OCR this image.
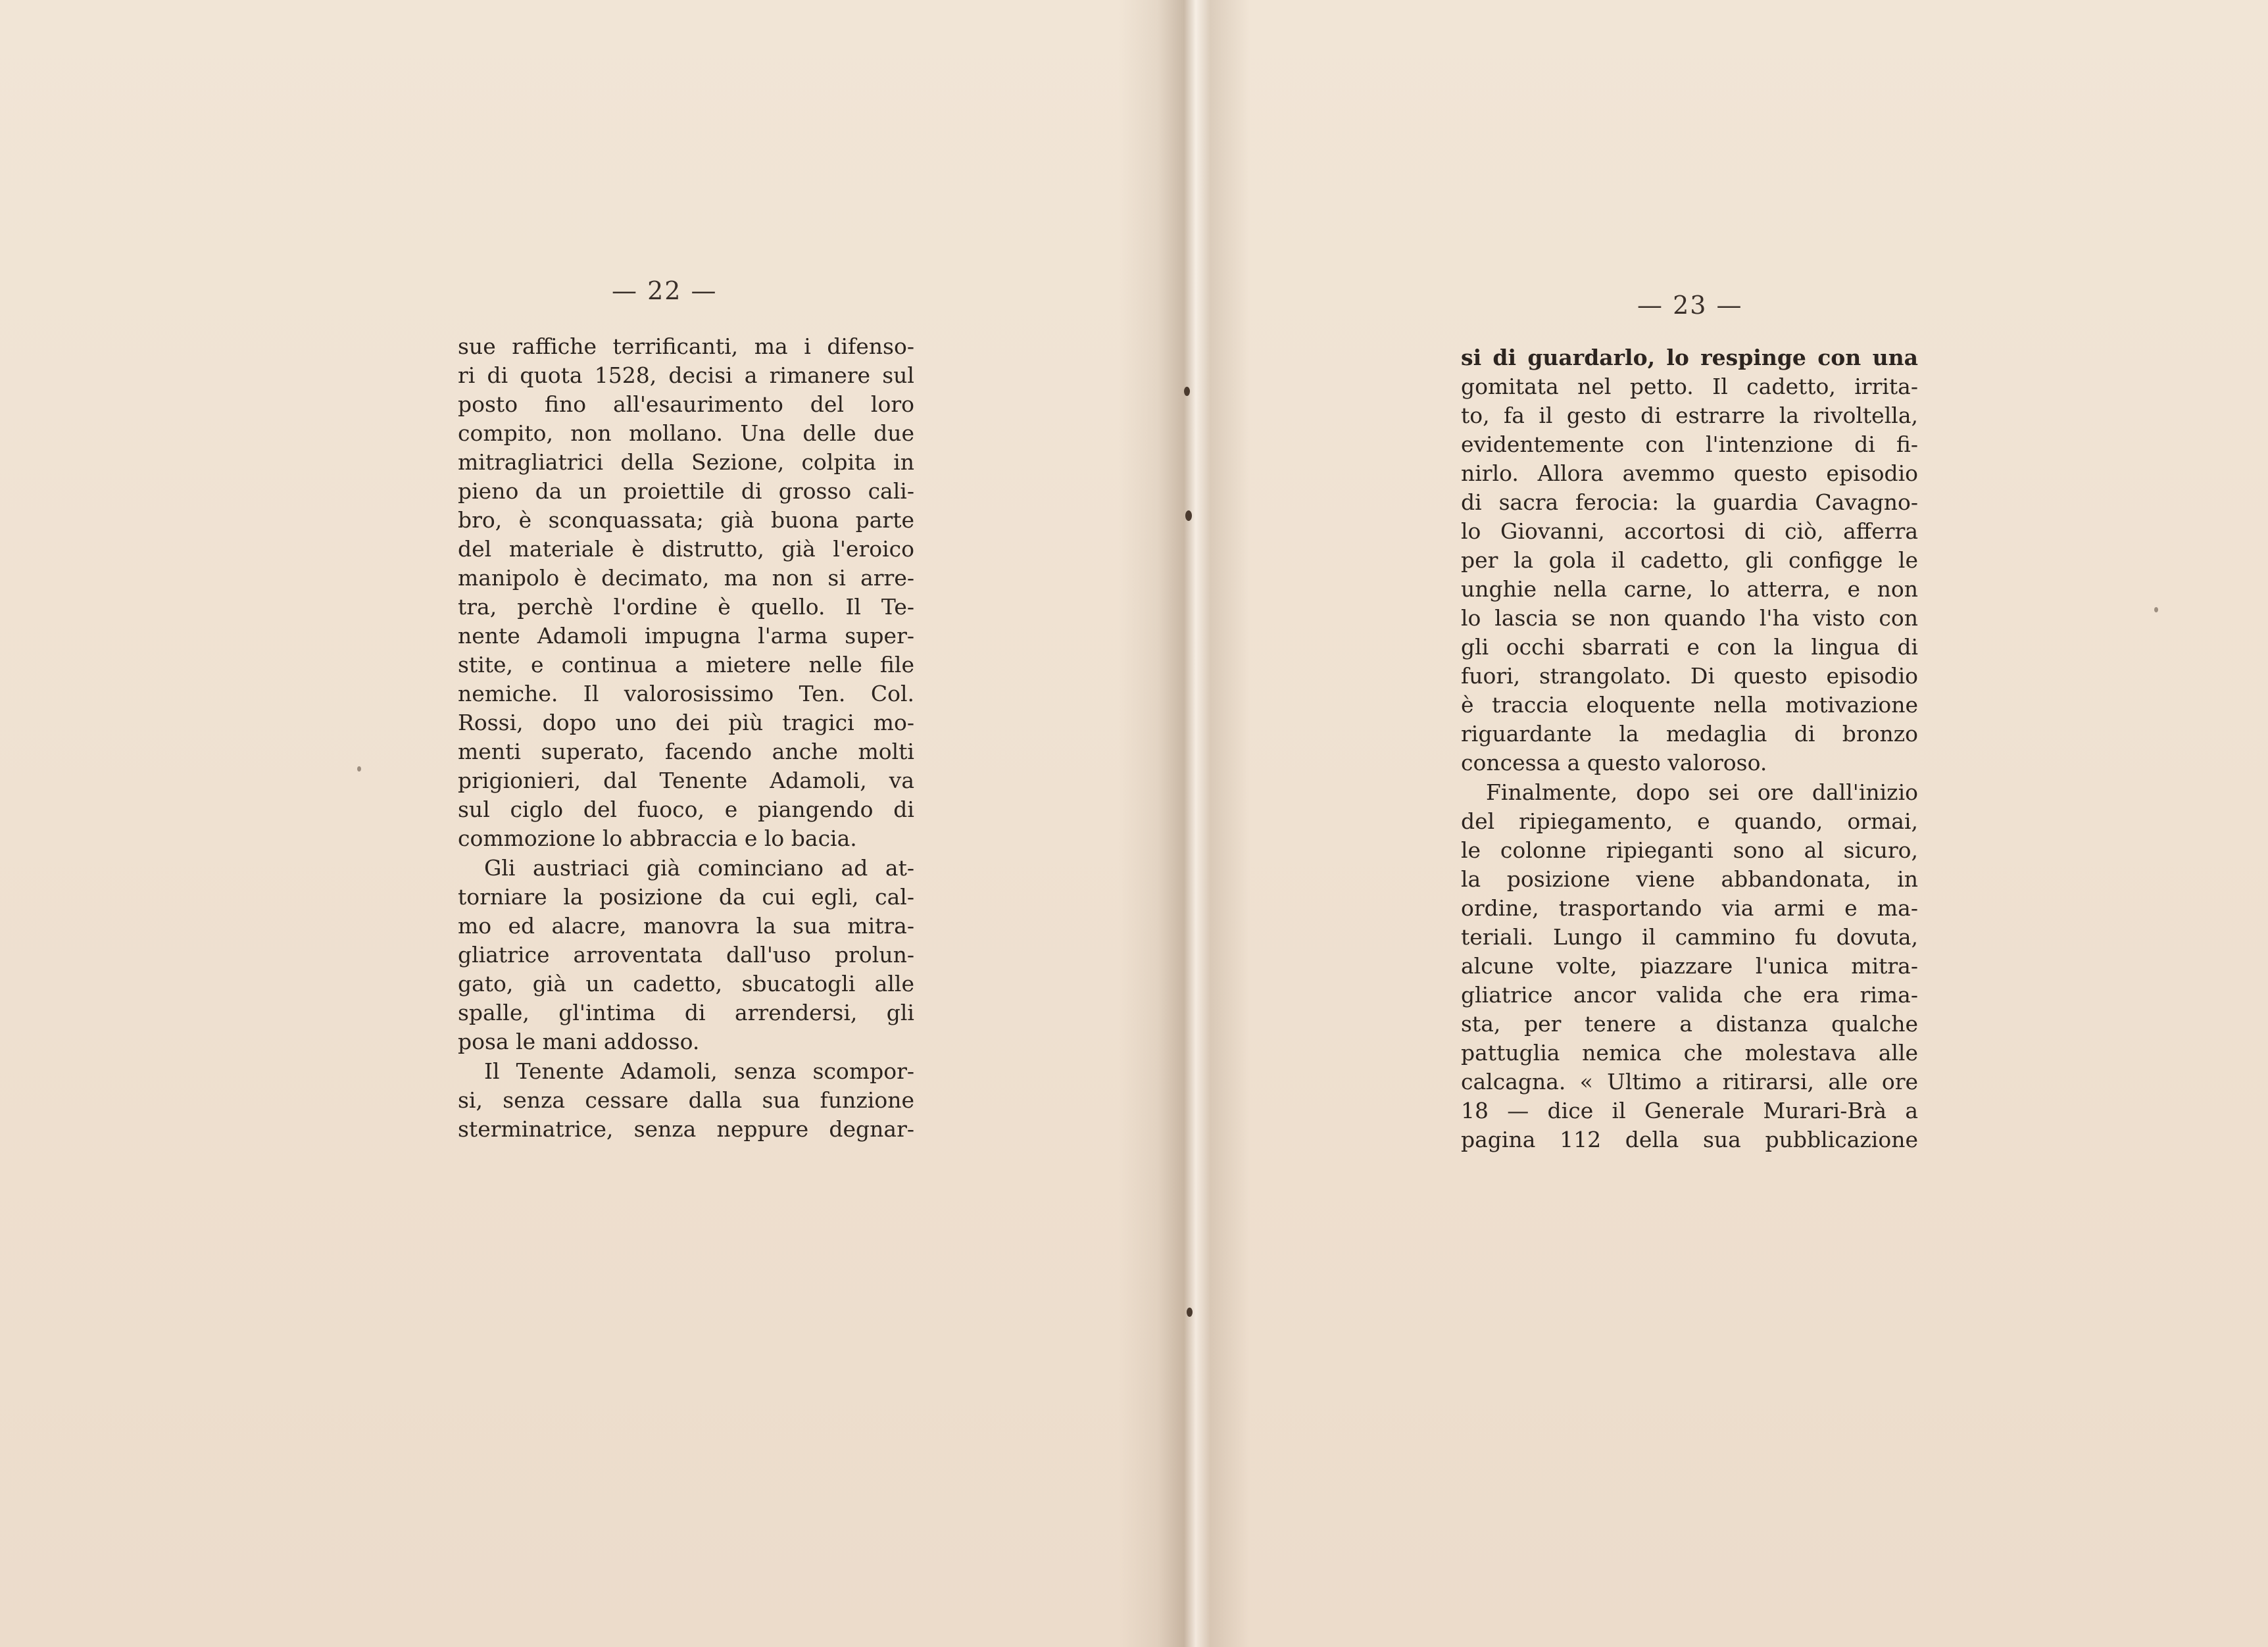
— 22 —
sue raffiche terrificanti, ma i difenso-
ri di quota 1528, decisi a rimanere sul
posto fino all'esaurimento del loro
compito, non mollano. Una delle due
mitragliatrici della Sezione, colpita in
pieno da un proiettile di grosso cali-
bro, è sconquassata; già buona parte
del materiale è distrutto, già l'eroico
manipolo è decimato, ma non si arre-
tra, perchè l'ordine è quello. Il Te-
nente Adamoli impugna l'arma super-
stite, e continua a mietere nelle file
nemiche. Il valorosissimo Ten. Col.
Rossi, dopo uno dei più tragici mo-
menti superato, facendo anche molti
prigionieri, dal Tenente Adamoli, va
sul ciglo del fuoco, e piangendo di
commozione lo abbraccia e lo bacia.
Gli austriaci già cominciano ad at-
torniare la posizione da cui egli, cal-
mo ed alacre, manovra la sua mitra-
gliatrice arroventata dall'uso prolun-
gato, già un cadetto, sbucatogli alle
spalle, gl'intima di arrendersi, gli
posa le mani addosso.
Il Tenente Adamoli, senza scompor-
si, senza cessare dalla sua funzione
sterminatrice, senza neppure degnar-
— 23 —
si di guardarlo, lo respinge con una
gomitata nel petto. Il cadetto, irrita-
to, fa il gesto di estrarre la rivoltella,
evidentemente con l'intenzione di fi-
nirlo. Allora avemmo questo episodio
di sacra ferocia: la guardia Cavagno-
lo Giovanni, accortosi di ciò, afferra
per la gola il cadetto, gli configge le
unghie nella carne, lo atterra, e non
lo lascia se non quando l'ha visto con
gli occhi sbarrati e con la lingua di
fuori, strangolato. Di questo episodio
è traccia eloquente nella motivazione
riguardante la medaglia di bronzo
concessa a questo valoroso.
Finalmente, dopo sei ore dall'inizio
del ripiegamento, e quando, ormai,
le colonne ripieganti sono al sicuro,
la posizione viene abbandonata, in
ordine, trasportando via armi e ma-
teriali. Lungo il cammino fu dovuta,
alcune volte, piazzare l'unica mitra-
gliatrice ancor valida che era rima-
sta, per tenere a distanza qualche
pattuglia nemica che molestava alle
calcagna. « Ultimo a ritirarsi, alle ore
18 — dice il Generale Murari-Brà a
pagina 112 della sua pubblicazione
